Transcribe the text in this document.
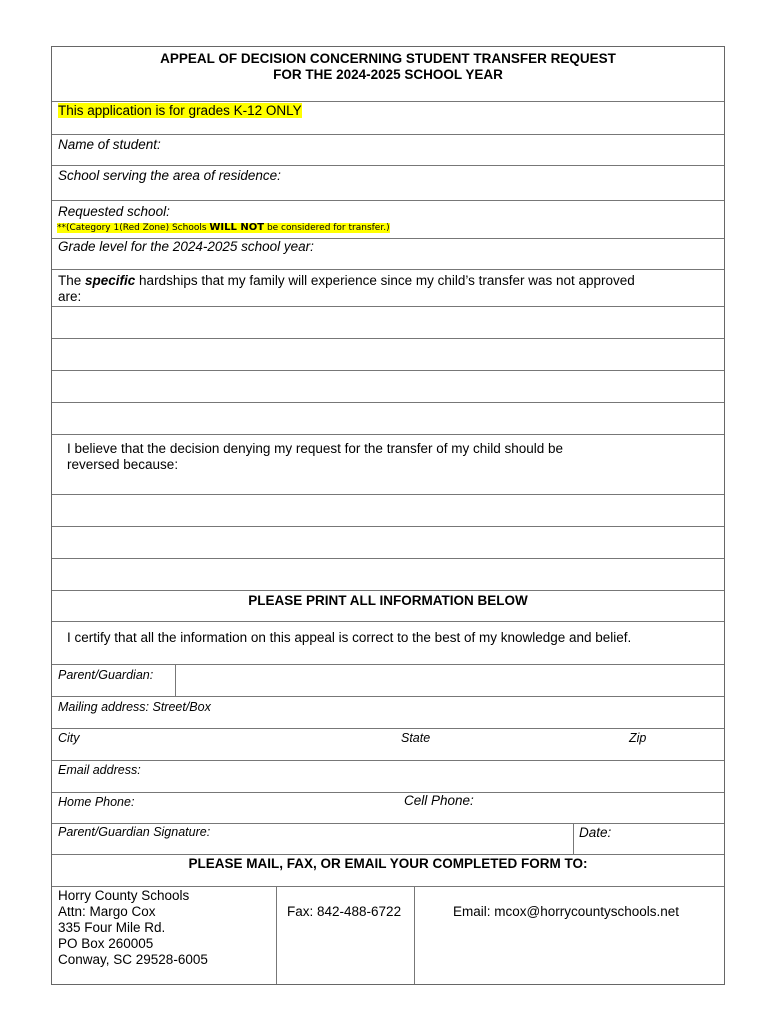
APPEAL OF DECISION CONCERNING STUDENT TRANSFER REQUEST
FOR THE 2024-2025 SCHOOL YEAR
This application is for grades K-12 ONLY
Name of student:
School serving the area of residence:
Requested school:
**(Category 1(Red Zone) Schools WILL NOT be considered for transfer.)
Grade level for the 2024-2025 school year:
The specific hardships that my family will experience since my child’s transfer was not approved
are:
I believe that the decision denying my request for the transfer of my child should be
reversed because:
PLEASE PRINT ALL INFORMATION BELOW
I certify that all the information on this appeal is correct to the best of my knowledge and belief.
Parent/Guardian:
Mailing address: Street/Box
City	State	Zip
Email address:
Home Phone:	Cell Phone:
Parent/Guardian Signature:	Date:
PLEASE MAIL, FAX, OR EMAIL YOUR COMPLETED FORM TO:
Horry County Schools
Attn: Margo Cox
335 Four Mile Rd.
PO Box 260005
Conway, SC 29528-6005
Fax: 842-488-6722	Email: mcox@horrycountyschools.net
